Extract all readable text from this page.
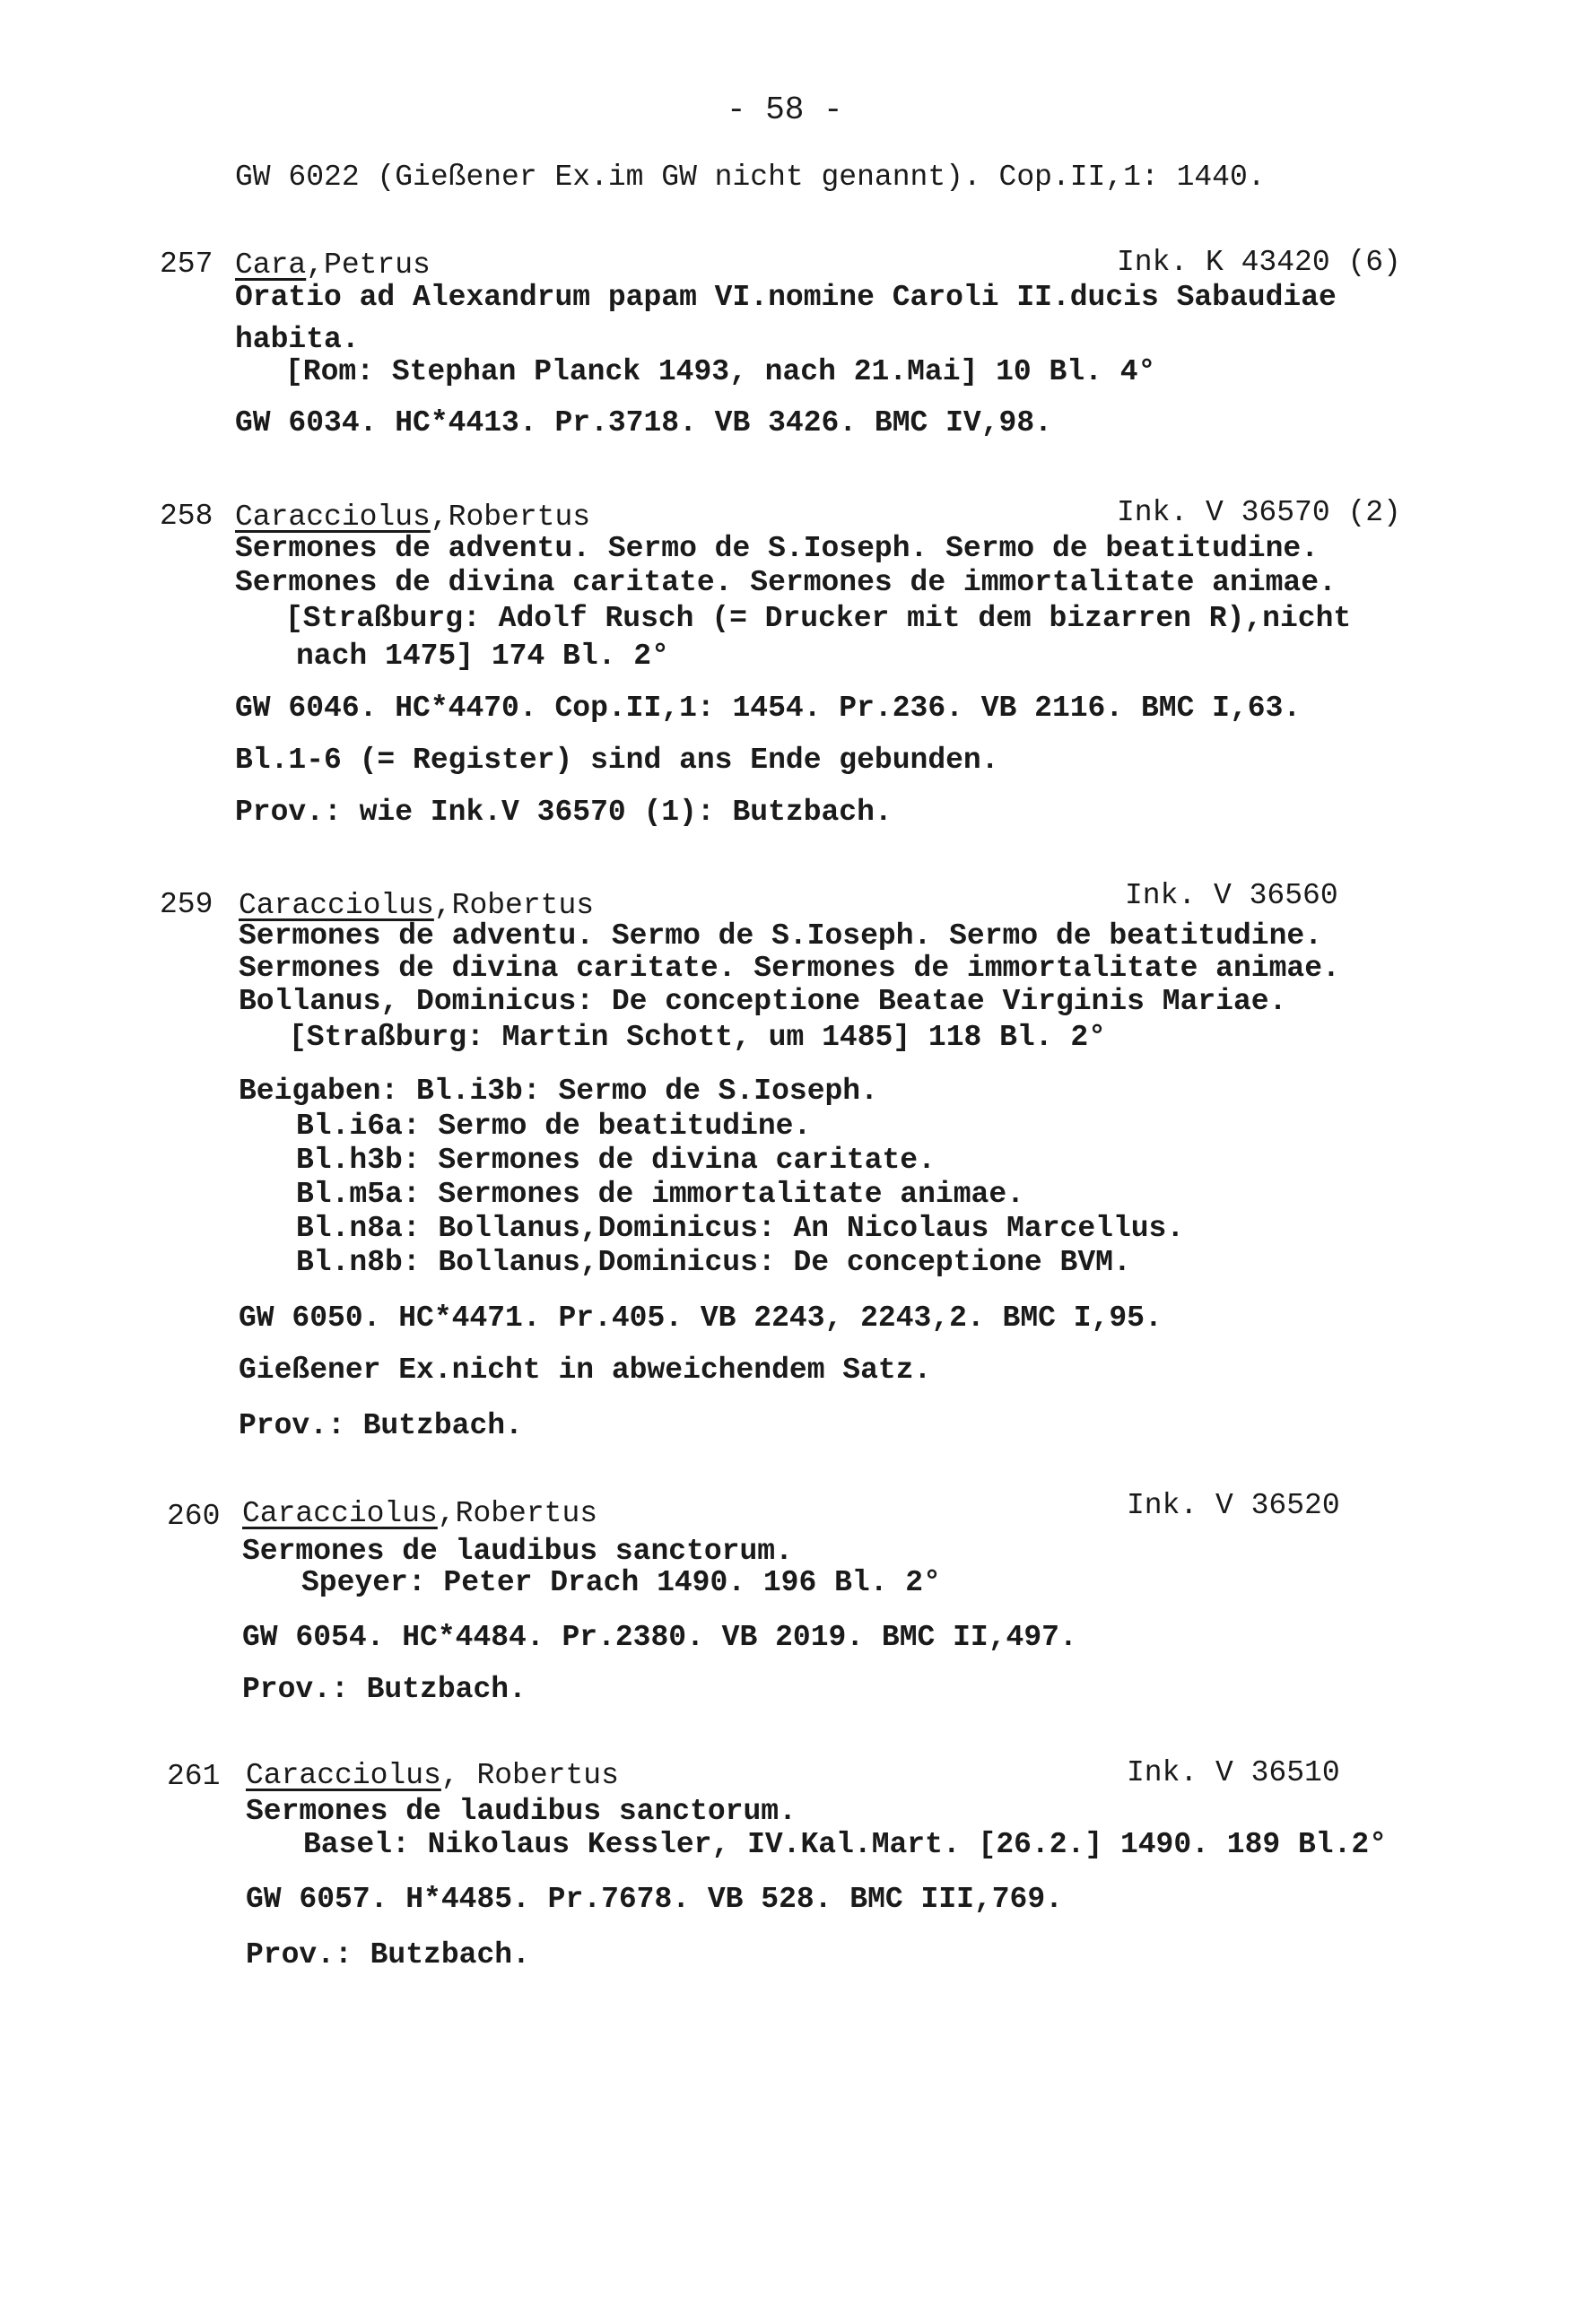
- 58 -
GW 6022 (Gießener Ex.im GW nicht genannt). Cop.II,1: 1440.
257 Cara,Petrus	Ink. K 43420 (6)
Oratio ad Alexandrum papam VI.nomine Caroli II.ducis Sabaudiae
habita.
[Rom: Stephan Planck 1493, nach 21.Mai] 10 Bl. 4°
GW 6034. HC*4413. Pr.3718. VB 3426. BMC IV,98.
258 Caracciolus,Robertus	Ink. V 36570 (2)
Sermones de adventu. Sermo de S.Ioseph. Sermo de beatitudine.
Sermones de divina caritate. Sermones de immortalitate animae.
[Straßburg: Adolf Rusch (= Drucker mit dem bizarren R),nicht
nach 1475] 174 Bl. 2°
GW 6046. HC*4470. Cop.II,1: 1454. Pr.236. VB 2116. BMC I,63.
Bl.1-6 (= Register) sind ans Ende gebunden.
Prov.: wie Ink.V 36570 (1): Butzbach.
259 Caracciolus,Robertus	Ink. V 36560
Sermones de adventu. Sermo de S.Ioseph. Sermo de beatitudine.
Sermones de divina caritate. Sermones de immortalitate animae.
Bollanus, Dominicus: De conceptione Beatae Virginis Mariae.
[Straßburg: Martin Schott, um 1485] 118 Bl. 2°
Beigaben: Bl.i3b: Sermo de S.Ioseph.
Bl.i6a: Sermo de beatitudine.
Bl.h3b: Sermones de divina caritate.
Bl.m5a: Sermones de immortalitate animae.
Bl.n8a: Bollanus,Dominicus: An Nicolaus Marcellus.
Bl.n8b: Bollanus,Dominicus: De conceptione BVM.
GW 6050. HC*4471. Pr.405. VB 2243, 2243,2. BMC I,95.
Gießener Ex.nicht in abweichendem Satz.
Prov.: Butzbach.
260 Caracciolus,Robertus	Ink. V 36520
Sermones de laudibus sanctorum.
Speyer: Peter Drach 1490. 196 Bl. 2°
GW 6054. HC*4484. Pr.2380. VB 2019. BMC II,497.
Prov.: Butzbach.
261 Caracciolus, Robertus	Ink. V 36510
Sermones de laudibus sanctorum.
Basel: Nikolaus Kessler, IV.Kal.Mart. [26.2.] 1490. 189 Bl.2°
GW 6057. H*4485. Pr.7678. VB 528. BMC III,769.
Prov.: Butzbach.
